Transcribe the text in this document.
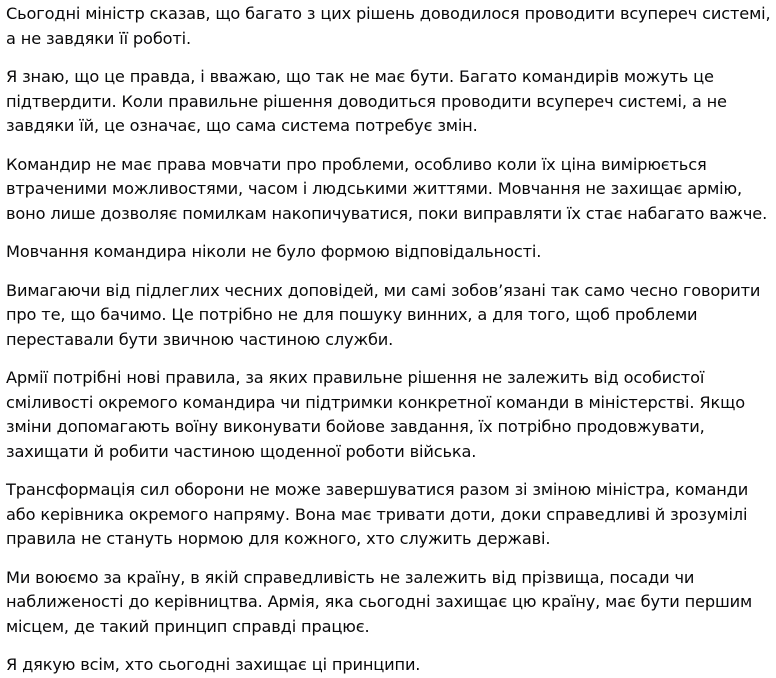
Сьогодні міністр сказав, що багато з цих рішень доводилося проводити всупереч системі, а не завдяки її роботі.

Я знаю, що це правда, і вважаю, що так не має бути. Багато командирів можуть це підтвердити. Коли правильне рішення доводиться проводити всупереч системі, а не завдяки їй, це означає, що сама система потребує змін.

Командир не має права мовчати про проблеми, особливо коли їх ціна вимірюється втраченими можливостями, часом і людськими життями. Мовчання не захищає армію, воно лише дозволяє помилкам накопичуватися, поки виправляти їх стає набагато важче.

Мовчання командира ніколи не було формою відповідальності.

Вимагаючи від підлеглих чесних доповідей, ми самі зобов’язані так само чесно говорити про те, що бачимо. Це потрібно не для пошуку винних, а для того, щоб проблеми переставали бути звичною частиною служби.

Армії потрібні нові правила, за яких правильне рішення не залежить від особистої сміливості окремого командира чи підтримки конкретної команди в міністерстві. Якщо зміни допомагають воїну виконувати бойове завдання, їх потрібно продовжувати, захищати й робити частиною щоденної роботи війська.

Трансформація сил оборони не може завершуватися разом зі зміною міністра, команди або керівника окремого напряму. Вона має тривати доти, доки справедливі й зрозумілі правила не стануть нормою для кожного, хто служить державі.

Ми воюємо за країну, в якій справедливість не залежить від прізвища, посади чи наближеності до керівництва. Армія, яка сьогодні захищає цю країну, має бути першим місцем, де такий принцип справді працює.

Я дякую всім, хто сьогодні захищає ці принципи.
